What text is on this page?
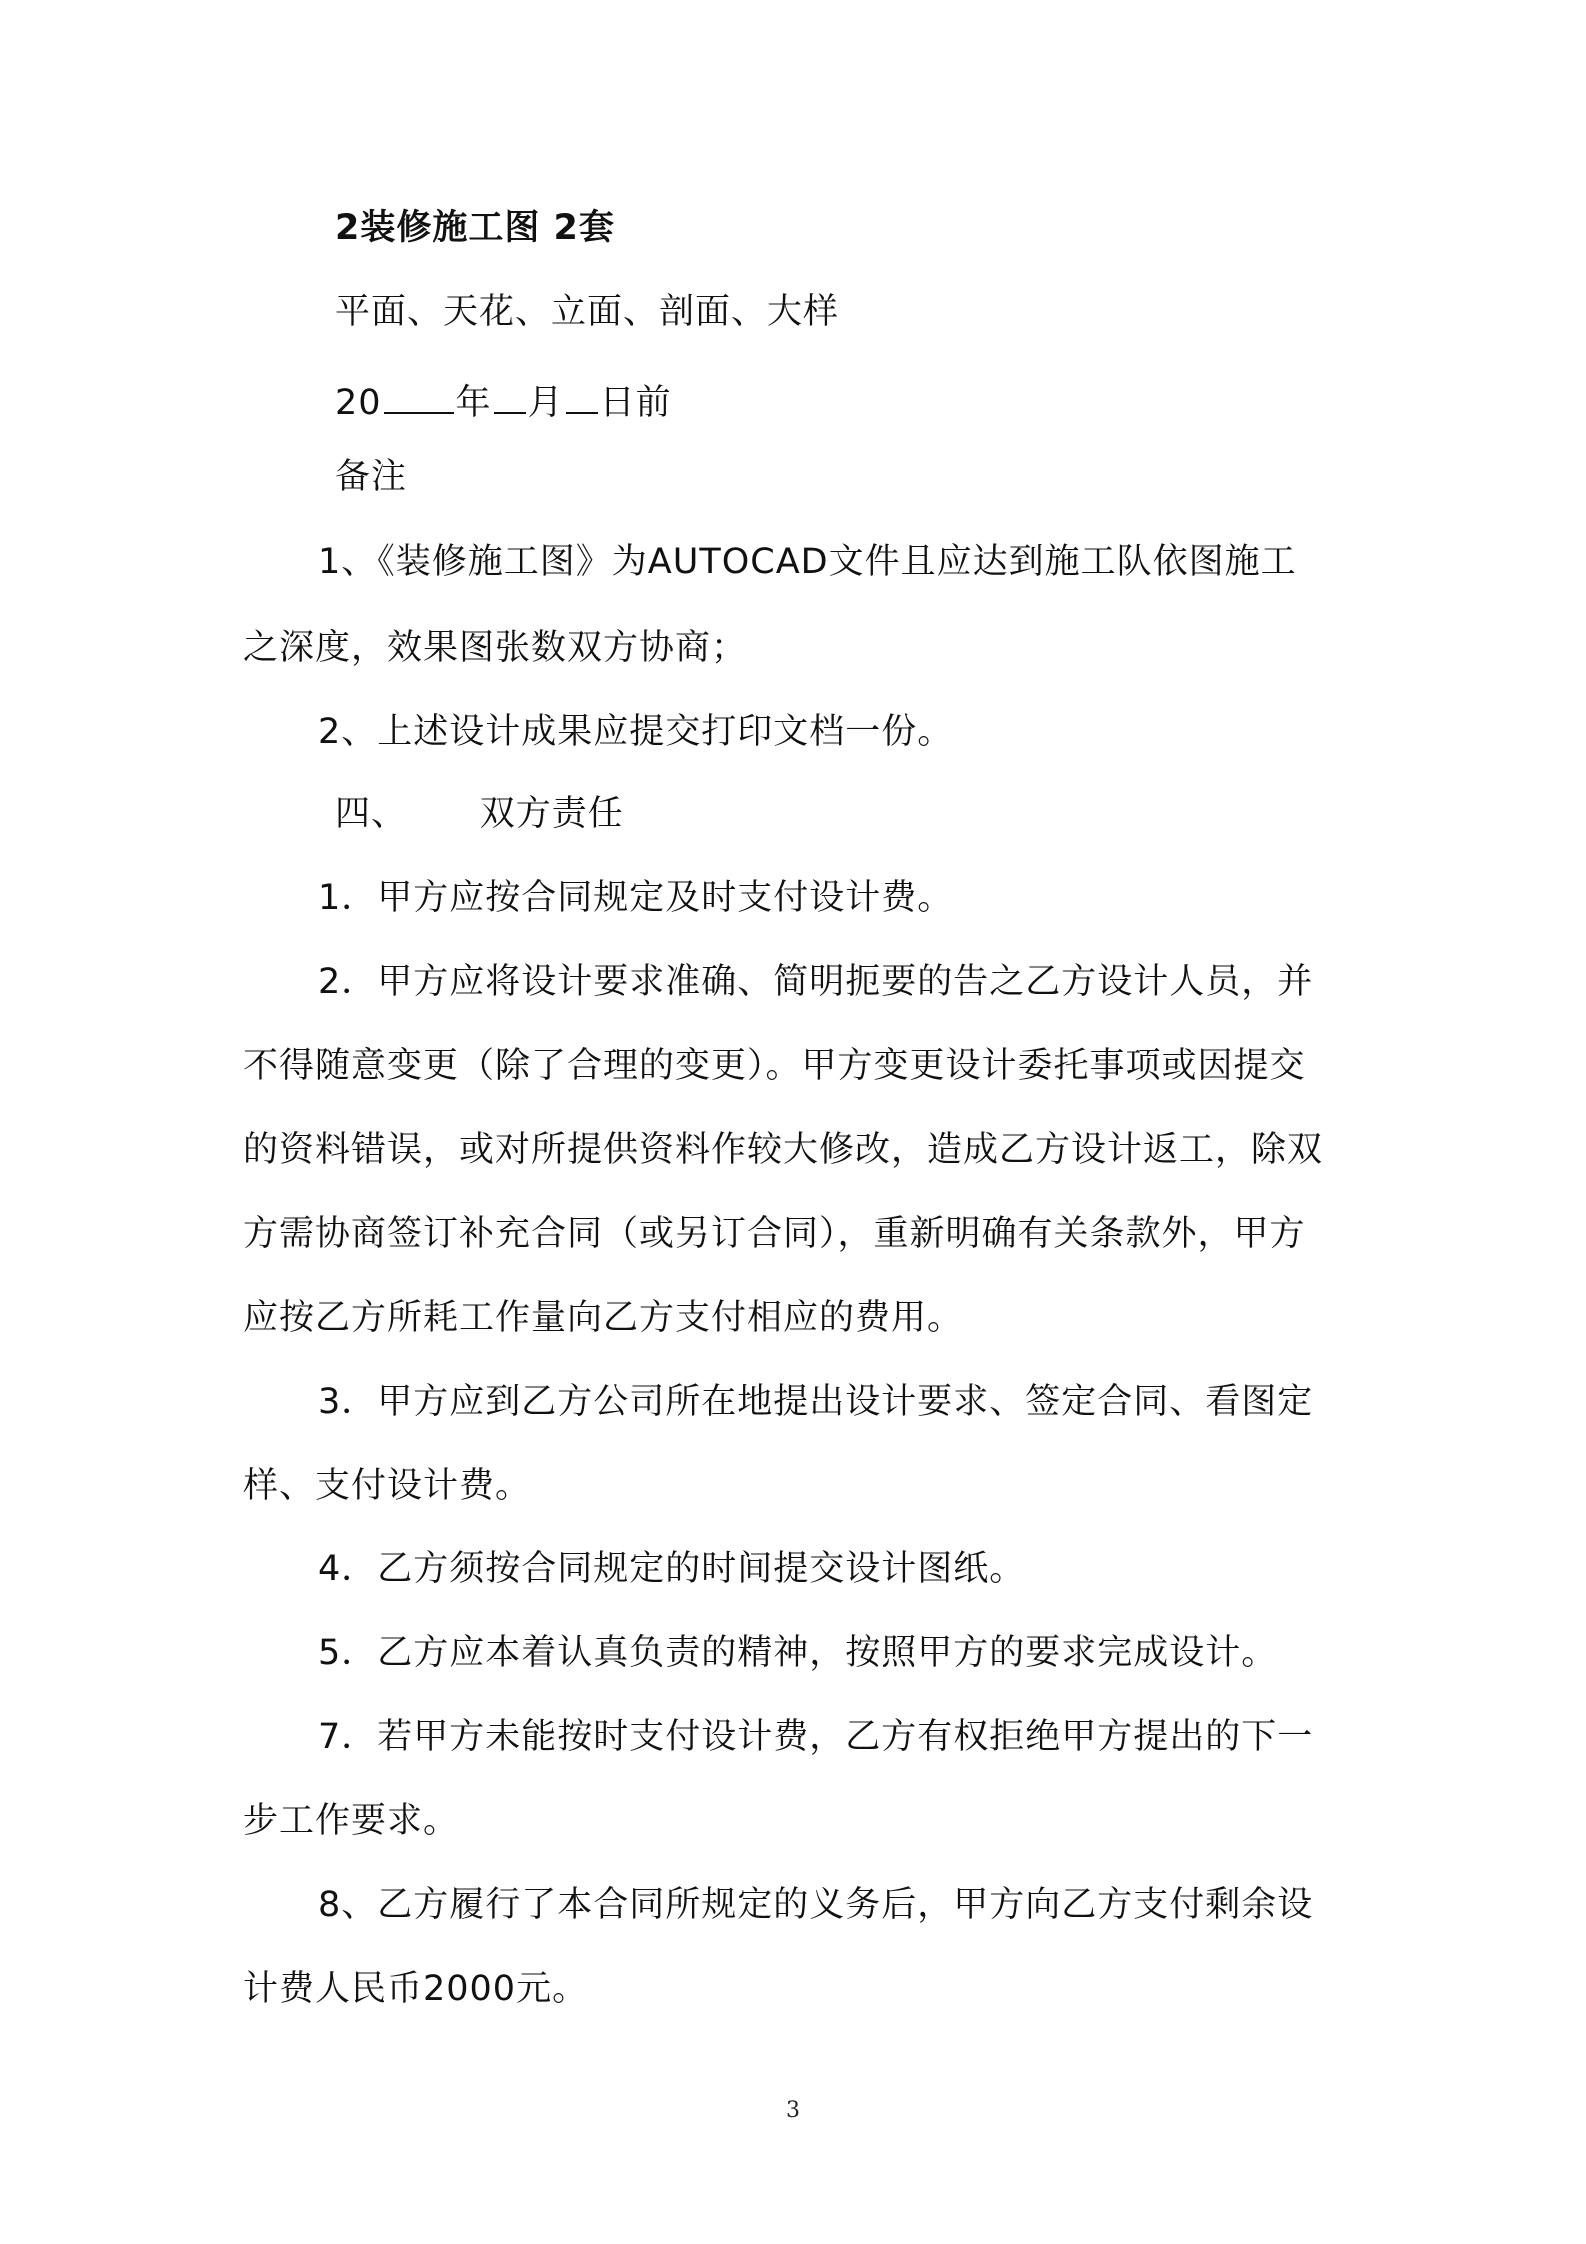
2装修施工图 2套
平面、天花、立面、剖面、大样
20 年 月 日前
备注
1、《装修施工图》为AUTOCAD文件且应达到施工队依图施工
之深度，效果图张数双方协商；
2、上述设计成果应提交打印文档一份。
四、      双方责任
1．甲方应按合同规定及时支付设计费。
2．甲方应将设计要求准确、简明扼要的告之乙方设计人员，并
不得随意变更（除了合理的变更）。甲方变更设计委托事项或因提交
的资料错误，或对所提供资料作较大修改，造成乙方设计返工，除双
方需协商签订补充合同（或另订合同），重新明确有关条款外，甲方
应按乙方所耗工作量向乙方支付相应的费用。
3．甲方应到乙方公司所在地提出设计要求、签定合同、看图定
样、支付设计费。
4．乙方须按合同规定的时间提交设计图纸。
5．乙方应本着认真负责的精神，按照甲方的要求完成设计。
7．若甲方未能按时支付设计费，乙方有权拒绝甲方提出的下一
步工作要求。
8、乙方履行了本合同所规定的义务后，甲方向乙方支付剩余设
计费人民币2000元。
3
